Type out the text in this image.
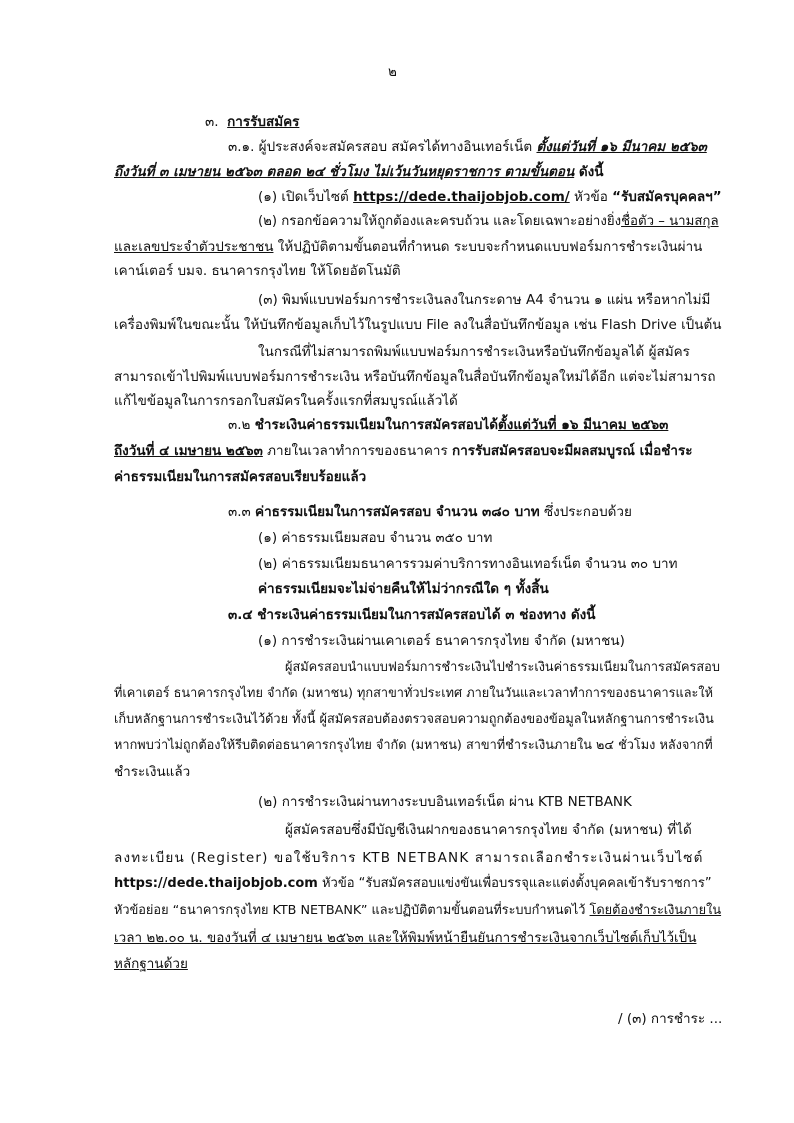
๒
๓. การรับสมัคร
๓.๑. ผู้ประสงค์จะสมัครสอบ สมัครได้ทางอินเทอร์เน็ต ตั้งแต่วันที่ ๑๖ มีนาคม ๒๕๖๓
ถึงวันที่ ๓ เมษายน ๒๕๖๓ ตลอด ๒๔ ชั่วโมง ไม่เว้นวันหยุดราชการ ตามขั้นตอน ดังนี้
(๑) เปิดเว็บไซต์ https://dede.thaijobjob.com/ หัวข้อ “รับสมัครบุคคลฯ”
(๒) กรอกข้อความให้ถูกต้องและครบถ้วน และโดยเฉพาะอย่างยิ่งชื่อตัว – นามสกุล
และเลขประจำตัวประชาชน ให้ปฏิบัติตามขั้นตอนที่กำหนด ระบบจะกำหนดแบบฟอร์มการชำระเงินผ่าน
เคาน์เตอร์ บมจ. ธนาคารกรุงไทย ให้โดยอัตโนมัติ
(๓) พิมพ์แบบฟอร์มการชำระเงินลงในกระดาษ A4 จำนวน ๑ แผ่น หรือหากไม่มี
เครื่องพิมพ์ในขณะนั้น ให้บันทึกข้อมูลเก็บไว้ในรูปแบบ File ลงในสื่อบันทึกข้อมูล เช่น Flash Drive เป็นต้น
ในกรณีที่ไม่สามารถพิมพ์แบบฟอร์มการชำระเงินหรือบันทึกข้อมูลได้ ผู้สมัคร
สามารถเข้าไปพิมพ์แบบฟอร์มการชำระเงิน หรือบันทึกข้อมูลในสื่อบันทึกข้อมูลใหม่ได้อีก แต่จะไม่สามารถ
แก้ไขข้อมูลในการกรอกใบสมัครในครั้งแรกที่สมบูรณ์แล้วได้
๓.๒ ชำระเงินค่าธรรมเนียมในการสมัครสอบได้ตั้งแต่วันที่ ๑๖ มีนาคม ๒๕๖๓
ถึงวันที่ ๔ เมษายน ๒๕๖๓ ภายในเวลาทำการของธนาคาร การรับสมัครสอบจะมีผลสมบูรณ์ เมื่อชำระ
ค่าธรรมเนียมในการสมัครสอบเรียบร้อยแล้ว
๓.๓ ค่าธรรมเนียมในการสมัครสอบ จำนวน ๓๘๐ บาท ซึ่งประกอบด้วย
(๑) ค่าธรรมเนียมสอบ จำนวน ๓๕๐ บาท
(๒) ค่าธรรมเนียมธนาคารรวมค่าบริการทางอินเทอร์เน็ต จำนวน ๓๐ บาท
ค่าธรรมเนียมจะไม่จ่ายคืนให้ไม่ว่ากรณีใด ๆ ทั้งสิ้น
๓.๔ ชำระเงินค่าธรรมเนียมในการสมัครสอบได้ ๓ ช่องทาง ดังนี้
(๑) การชำระเงินผ่านเคาเตอร์ ธนาคารกรุงไทย จำกัด (มหาชน)
ผู้สมัครสอบนำแบบฟอร์มการชำระเงินไปชำระเงินค่าธรรมเนียมในการสมัครสอบ
ที่เคาเตอร์ ธนาคารกรุงไทย จำกัด (มหาชน) ทุกสาขาทั่วประเทศ ภายในวันและเวลาทำการของธนาคารและให้
เก็บหลักฐานการชำระเงินไว้ด้วย ทั้งนี้ ผู้สมัครสอบต้องตรวจสอบความถูกต้องของข้อมูลในหลักฐานการชำระเงิน
หากพบว่าไม่ถูกต้องให้รีบติดต่อธนาคารกรุงไทย จำกัด (มหาชน) สาขาที่ชำระเงินภายใน ๒๔ ชั่วโมง หลังจากที่
ชำระเงินแล้ว
(๒) การชำระเงินผ่านทางระบบอินเทอร์เน็ต ผ่าน KTB NETBANK
ผู้สมัครสอบซึ่งมีบัญชีเงินฝากของธนาคารกรุงไทย จำกัด (มหาชน) ที่ได้
ลงทะเบียน (Register) ขอใช้บริการ KTB NETBANK สามารถเลือกชำระเงินผ่านเว็บไซต์
https://dede.thaijobjob.com หัวข้อ “รับสมัครสอบแข่งขันเพื่อบรรจุและแต่งตั้งบุคคลเข้ารับราชการ”
หัวข้อย่อย “ธนาคารกรุงไทย KTB NETBANK” และปฏิบัติตามขั้นตอนที่ระบบกำหนดไว้ โดยต้องชำระเงินภายใน
เวลา ๒๒.๐๐ น. ของวันที่ ๔ เมษายน ๒๕๖๓ และให้พิมพ์หน้ายืนยันการชำระเงินจากเว็บไซต์เก็บไว้เป็น
หลักฐานด้วย
/ (๓) การชำระ ...
